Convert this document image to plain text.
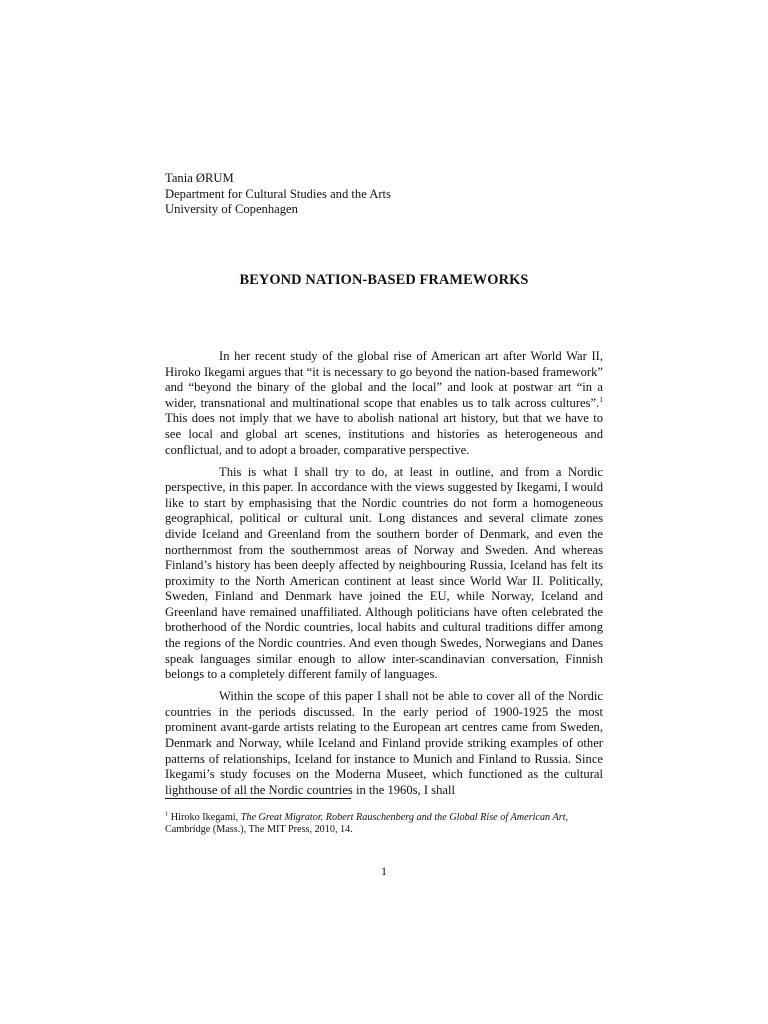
Tania ØRUM
Department for Cultural Studies and the Arts
University of Copenhagen
BEYOND NATION-BASED FRAMEWORKS

In her recent study of the global rise of American art after World War II, Hiroko Ikegami argues that “it is necessary to go beyond the nation-based framework” and “beyond the binary of the global and the local” and look at postwar art “in a wider, transnational and multinational scope that enables us to talk across cultures”.$^1$ This does not imply that we have to abolish national art history, but that we have to see local and global art scenes, institutions and histories as heterogeneous and conflictual, and to adopt a broader, comparative perspective.

This is what I shall try to do, at least in outline, and from a Nordic perspective, in this paper. In accordance with the views suggested by Ikegami, I would like to start by emphasising that the Nordic countries do not form a homogeneous geographical, political or cultural unit. Long distances and several climate zones divide Iceland and Greenland from the southern border of Denmark, and even the northernmost from the southernmost areas of Norway and Sweden. And whereas Finland’s history has been deeply affected by neighbouring Russia, Iceland has felt its proximity to the North American continent at least since World War II. Politically, Sweden, Finland and Denmark have joined the EU, while Norway, Iceland and Greenland have remained unaffiliated. Although politicians have often celebrated the brotherhood of the Nordic countries, local habits and cultural traditions differ among the regions of the Nordic countries. And even though Swedes, Norwegians and Danes speak languages similar enough to allow inter-scandinavian conversation, Finnish belongs to a completely different family of languages.

Within the scope of this paper I shall not be able to cover all of the Nordic countries in the periods discussed. In the early period of 1900-1925 the most prominent avant-garde artists relating to the European art centres came from Sweden, Denmark and Norway, while Iceland and Finland provide striking examples of other patterns of relationships, Iceland for instance to Munich and Finland to Russia. Since Ikegami’s study focuses on the Moderna Museet, which functioned as the cultural lighthouse of all the Nordic countries in the 1960s, I shall

$^1$ Hiroko Ikegami, The Great Migrator. Robert Rauschenberg and the Global Rise of American Art,
Cambridge (Mass.), The MIT Press, 2010, 14.
1
